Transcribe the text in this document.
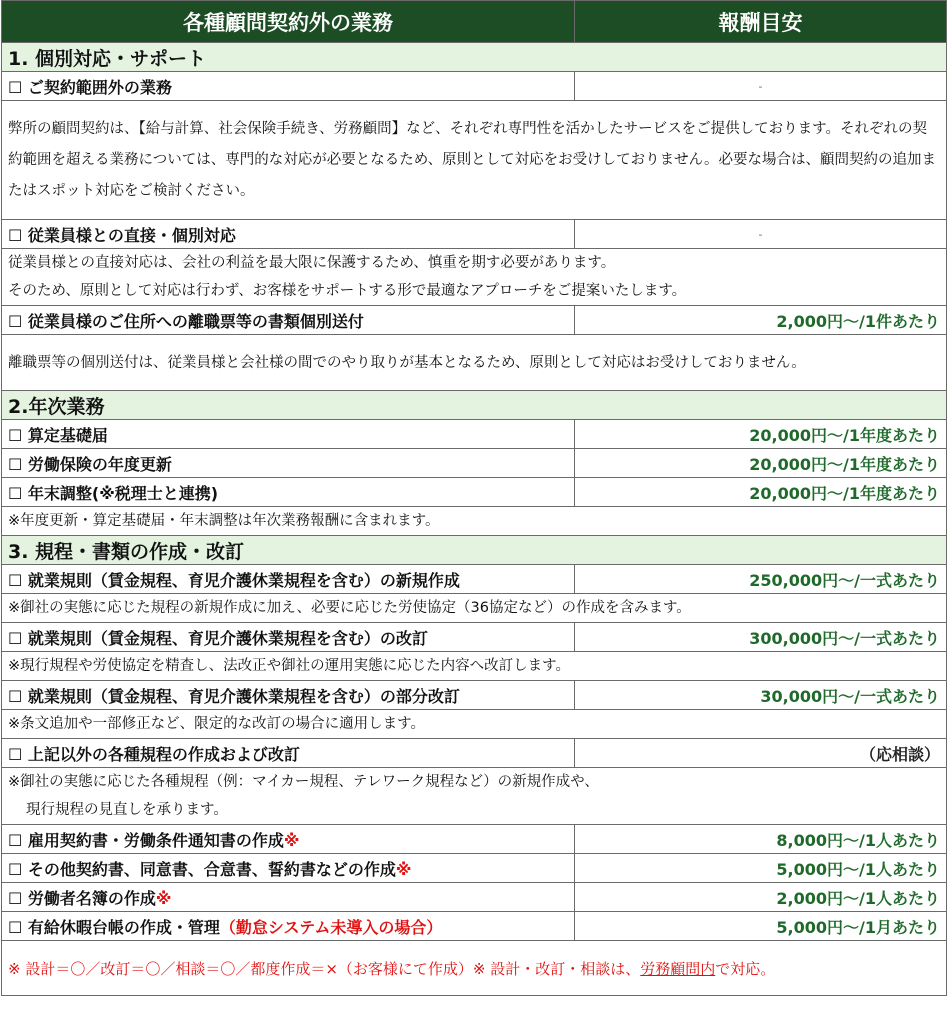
各種顧問契約外の業務	報酬目安
1. 個別対応・サポート	
☐ ご契約範囲外の業務	-
弊所の顧問契約は、【給与計算、社会保険手続き、労務顧問】など、それぞれ専門性を活かしたサービスをご提供しております。それぞれの契約範囲を超える業務については、専門的な対応が必要となるため、原則として対応をお受けしておりません。必要な場合は、顧問契約の追加またはスポット対応をご検討ください。	
☐ 従業員様との直接・個別対応	-

従業員様との直接対応は、会社の利益を最大限に保護するため、慎重を期す必要があります。
そのため、原則として対応は行わず、お客様をサポートする形で最適なアプローチをご提案いたします。	

☐ 従業員様のご住所への離職票等の書類個別送付	2,000円～/1件あたり
離職票等の個別送付は、従業員様と会社様の間でのやり取りが基本となるため、原則として対応はお受けしておりません。	
2.年次業務	
☐ 算定基礎届	20,000円～/1年度あたり
☐ 労働保険の年度更新	20,000円～/1年度あたり
☐ 年末調整(※税理士と連携)	20,000円～/1年度あたり
※年度更新・算定基礎届・年末調整は年次業務報酬に含まれます。	
3. 規程・書類の作成・改訂	
☐ 就業規則（賃金規程、育児介護休業規程を含む）の新規作成	250,000円～/一式あたり
※御社の実態に応じた規程の新規作成に加え、必要に応じた労使協定（36協定など）の作成を含みます。	
☐ 就業規則（賃金規程、育児介護休業規程を含む）の改訂	300,000円～/一式あたり
※現行規程や労使協定を精査し、法改正や御社の運用実態に応じた内容へ改訂します。	
☐ 就業規則（賃金規程、育児介護休業規程を含む）の部分改訂	30,000円～/一式あたり
※条文追加や一部修正など、限定的な改訂の場合に適用します。	
☐ 上記以外の各種規程の作成および改訂	（応相談）

※御社の実態に応じた各種規程（例：マイカー規程、テレワーク規程など）の新規作成や、
現行規程の見直しを承ります。	

☐ 雇用契約書・労働条件通知書の作成※	8,000円～/1人あたり
☐ その他契約書、同意書、合意書、誓約書などの作成※	5,000円～/1人あたり
☐ 労働者名簿の作成※	2,000円～/1人あたり
☐ 有給休暇台帳の作成・管理（勤怠システム未導入の場合）	5,000円～/1月あたり
※ 設計＝〇／改訂＝〇／相談＝〇／都度作成＝×（お客様にて作成）※ 設計・改訂・相談は、労務顧問内で対応。	
